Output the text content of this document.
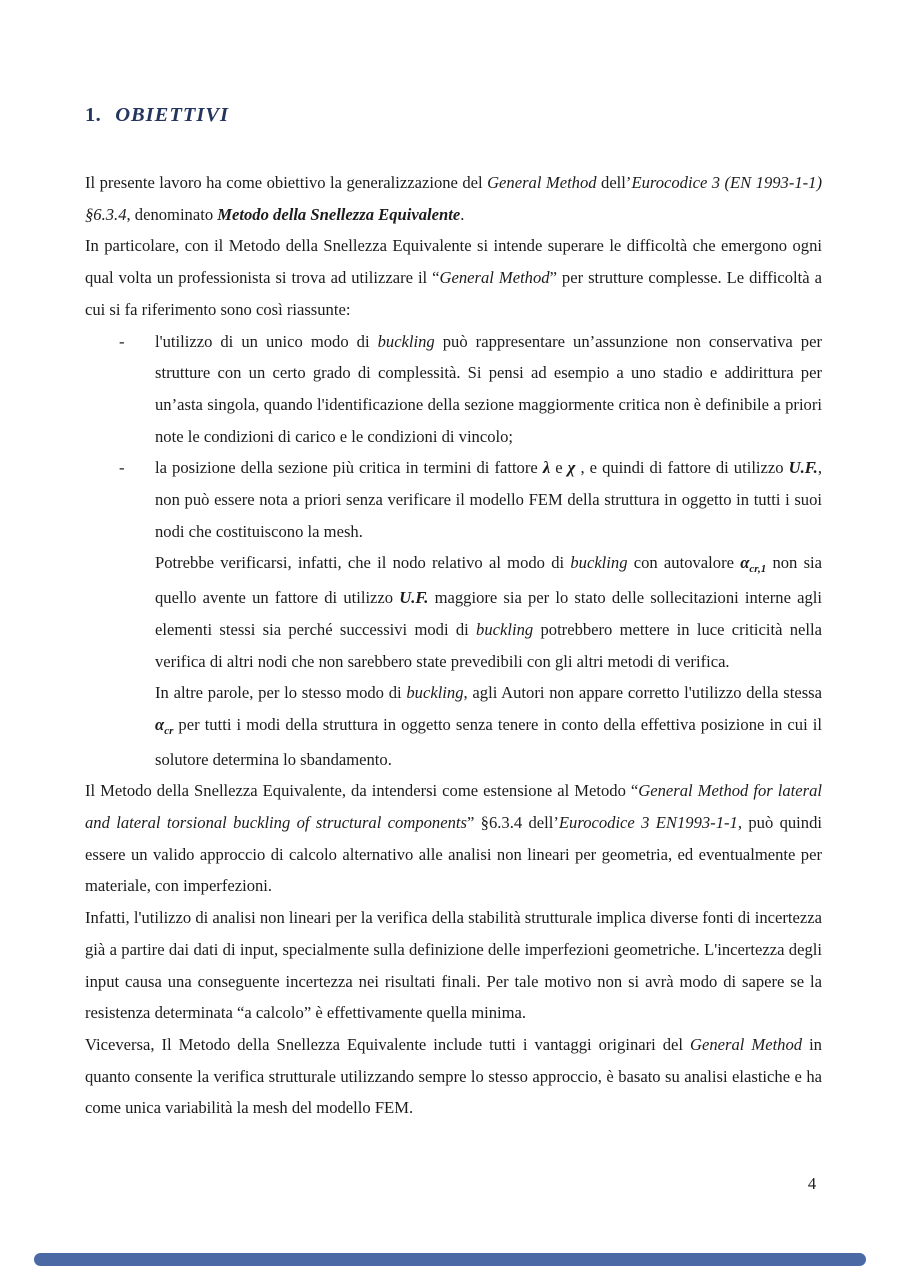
1. OBIETTIVI
Il presente lavoro ha come obiettivo la generalizzazione del General Method dell’Eurocodice 3 (EN 1993-1-1) §6.3.4, denominato Metodo della Snellezza Equivalente.
In particolare, con il Metodo della Snellezza Equivalente si intende superare le difficoltà che emergono ogni qual volta un professionista si trova ad utilizzare il “General Method” per strutture complesse. Le difficoltà a cui si fa riferimento sono così riassunte:
- l'utilizzo di un unico modo di buckling può rappresentare un’assunzione non conservativa per strutture con un certo grado di complessità. Si pensi ad esempio a uno stadio e addirittura per un’asta singola, quando l'identificazione della sezione maggiormente critica non è definibile a priori note le condizioni di carico e le condizioni di vincolo;
- la posizione della sezione più critica in termini di fattore λ e χ , e quindi di fattore di utilizzo U.F., non può essere nota a priori senza verificare il modello FEM della struttura in oggetto in tutti i suoi nodi che costituiscono la mesh.
Potrebbe verificarsi, infatti, che il nodo relativo al modo di buckling con autovalore $\alpha_{cr,1}$ non sia quello avente un fattore di utilizzo U.F. maggiore sia per lo stato delle sollecitazioni interne agli elementi stessi sia perché successivi modi di buckling potrebbero mettere in luce criticità nella verifica di altri nodi che non sarebbero state prevedibili con gli altri metodi di verifica.
In altre parole, per lo stesso modo di buckling, agli Autori non appare corretto l'utilizzo della stessa $\alpha_{cr}$ per tutti i modi della struttura in oggetto senza tenere in conto della effettiva posizione in cui il solutore determina lo sbandamento.
Il Metodo della Snellezza Equivalente, da intendersi come estensione al Metodo “General Method for lateral and lateral torsional buckling of structural components” §6.3.4 dell’Eurocodice 3 EN1993-1-1, può quindi essere un valido approccio di calcolo alternativo alle analisi non lineari per geometria, ed eventualmente per materiale, con imperfezioni.
Infatti, l'utilizzo di analisi non lineari per la verifica della stabilità strutturale implica diverse fonti di incertezza già a partire dai dati di input, specialmente sulla definizione delle imperfezioni geometriche. L'incertezza degli input causa una conseguente incertezza nei risultati finali. Per tale motivo non si avrà modo di sapere se la resistenza determinata “a calcolo” è effettivamente quella minima.
Viceversa, Il Metodo della Snellezza Equivalente include tutti i vantaggi originari del General Method in quanto consente la verifica strutturale utilizzando sempre lo stesso approccio, è basato su analisi elastiche e ha come unica variabilità la mesh del modello FEM.
4
